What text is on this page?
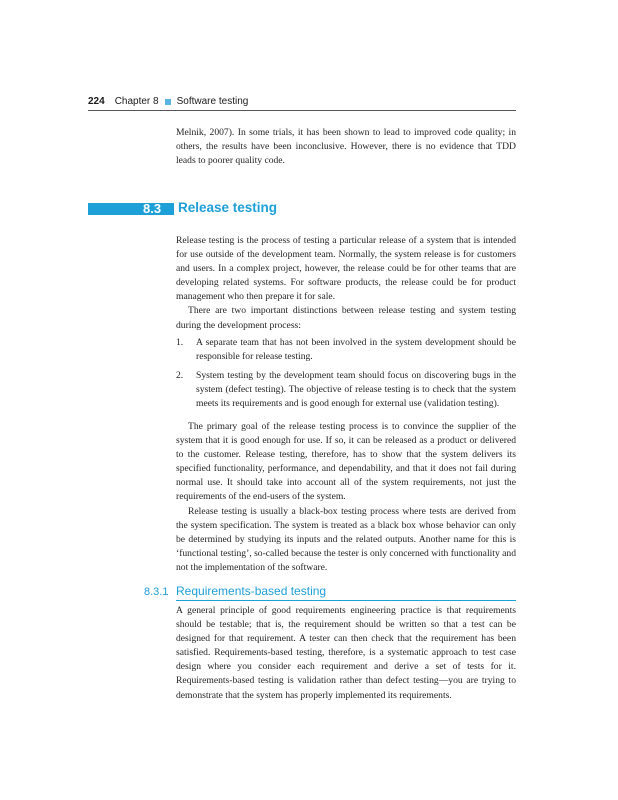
224 Chapter 8 Software testing

Melnik, 2007). In some trials, it has been shown to lead to improved code quality; in others, the results have been inconclusive. However, there is no evidence that TDD leads to poorer quality code.

8.3 Release testing

Release testing is the process of testing a particular release of a system that is intended for use outside of the development team. Normally, the system release is for customers and users. In a complex project, however, the release could be for other teams that are developing related systems. For software products, the release could be for product management who then prepare it for sale.

There are two important distinctions between release testing and system testing during the development process:

1.	A separate team that has not been involved in the system development should be responsible for release testing.
2.	System testing by the development team should focus on discovering bugs in the system (defect testing). The objective of release testing is to check that the system meets its requirements and is good enough for external use (validation testing).

The primary goal of the release testing process is to convince the supplier of the system that it is good enough for use. If so, it can be released as a product or delivered to the customer. Release testing, therefore, has to show that the system delivers its specified functionality, performance, and dependability, and that it does not fail during normal use. It should take into account all of the system requirements, not just the requirements of the end-users of the system.

Release testing is usually a black-box testing process where tests are derived from the system specification. The system is treated as a black box whose behavior can only be determined by studying its inputs and the related outputs. Another name for this is ‘functional testing’, so-called because the tester is only concerned with functionality and not the implementation of the software.

8.3.1 Requirements-based testing

A general principle of good requirements engineering practice is that requirements should be testable; that is, the requirement should be written so that a test can be designed for that requirement. A tester can then check that the requirement has been satisfied. Requirements-based testing, therefore, is a systematic approach to test case design where you consider each requirement and derive a set of tests for it. Requirements-based testing is validation rather than defect testing—you are trying to demonstrate that the system has properly implemented its requirements.
